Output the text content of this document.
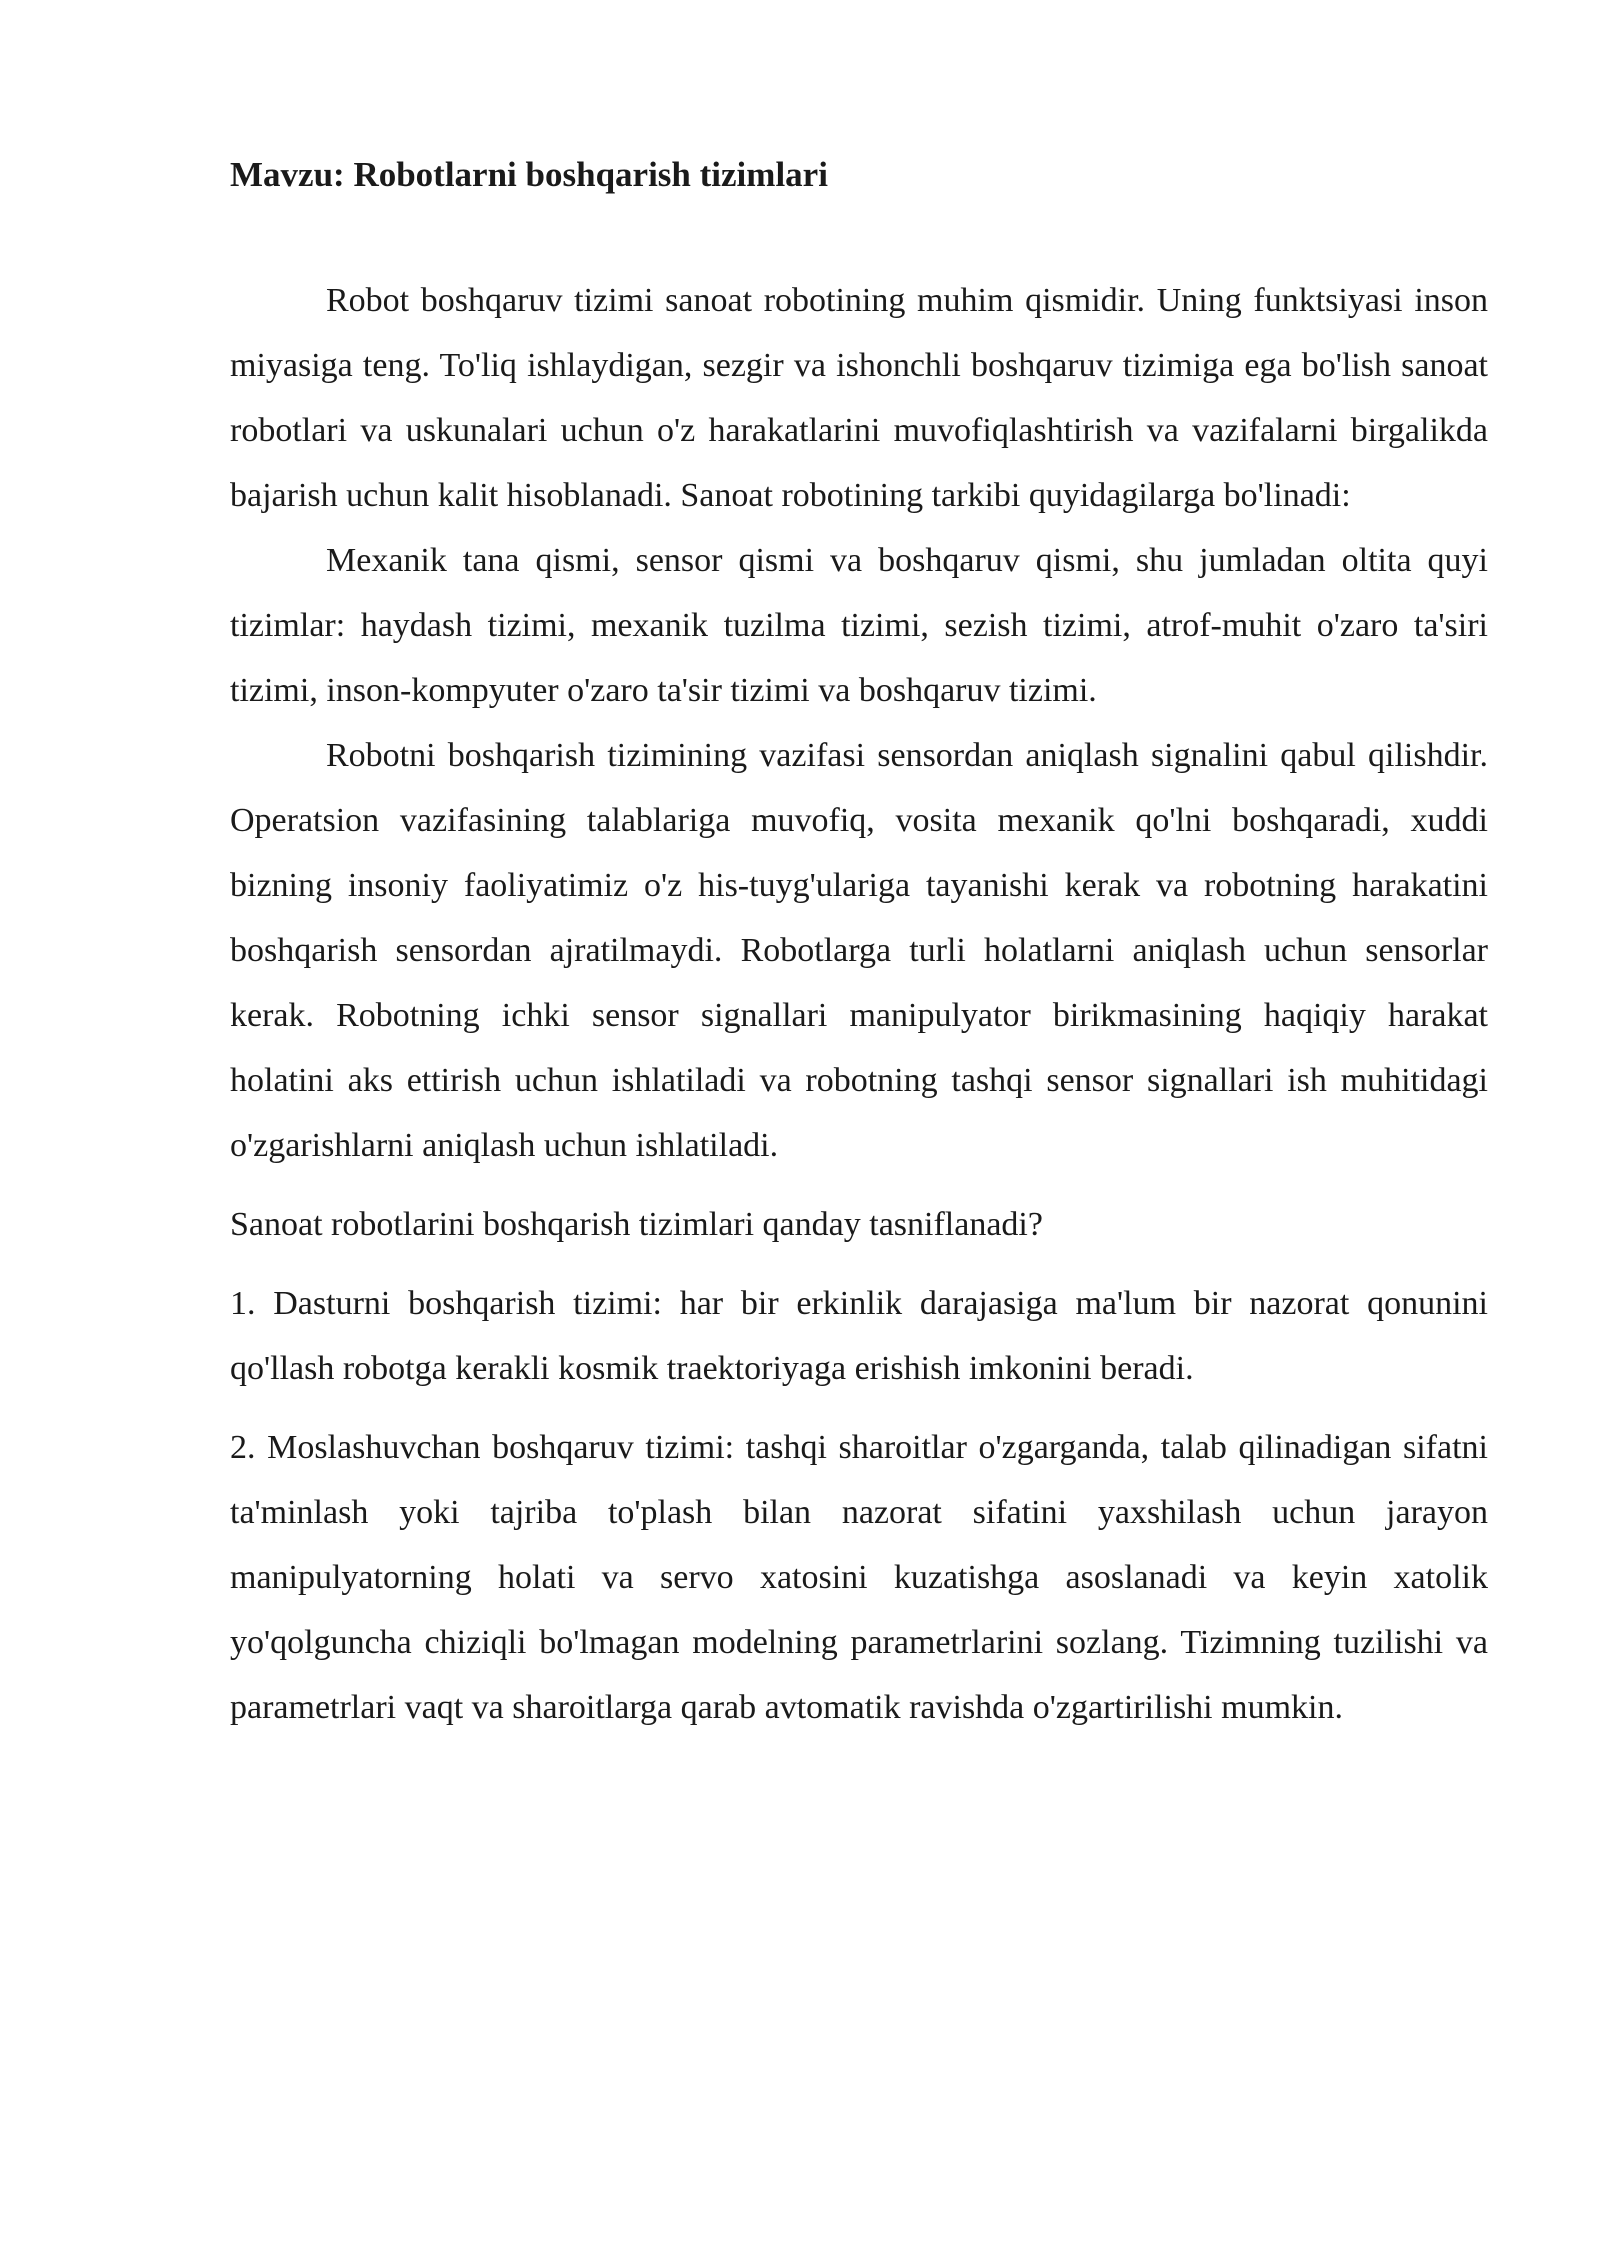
Mavzu: Robotlarni boshqarish tizimlari

Robot boshqaruv tizimi sanoat robotining muhim qismidir. Uning funktsiyasi inson miyasiga teng. To'liq ishlaydigan, sezgir va ishonchli boshqaruv tizimiga ega bo'lish sanoat robotlari va uskunalari uchun o'z harakatlarini muvofiqlashtirish va vazifalarni birgalikda bajarish uchun kalit hisoblanadi. Sanoat robotining tarkibi quyidagilarga bo'linadi:

Mexanik tana qismi, sensor qismi va boshqaruv qismi, shu jumladan oltita quyi tizimlar: haydash tizimi, mexanik tuzilma tizimi, sezish tizimi, atrof-muhit o'zaro ta'siri tizimi, inson-kompyuter o'zaro ta'sir tizimi va boshqaruv tizimi.

Robotni boshqarish tizimining vazifasi sensordan aniqlash signalini qabul qilishdir. Operatsion vazifasining talablariga muvofiq, vosita mexanik qo'lni boshqaradi, xuddi bizning insoniy faoliyatimiz o'z his-tuyg'ulariga tayanishi kerak va robotning harakatini boshqarish sensordan ajratilmaydi. Robotlarga turli holatlarni aniqlash uchun sensorlar kerak. Robotning ichki sensor signallari manipulyator birikmasining haqiqiy harakat holatini aks ettirish uchun ishlatiladi va robotning tashqi sensor signallari ish muhitidagi o'zgarishlarni aniqlash uchun ishlatiladi.

Sanoat robotlarini boshqarish tizimlari qanday tasniflanadi?

1. Dasturni boshqarish tizimi: har bir erkinlik darajasiga ma'lum bir nazorat qonunini qo'llash robotga kerakli kosmik traektoriyaga erishish imkonini beradi.

2. Moslashuvchan boshqaruv tizimi: tashqi sharoitlar o'zgarganda, talab qilinadigan sifatni ta'minlash yoki tajriba to'plash bilan nazorat sifatini yaxshilash uchun jarayon manipulyatorning holati va servo xatosini kuzatishga asoslanadi va keyin xatolik yo'qolguncha chiziqli bo'lmagan modelning parametrlarini sozlang. Tizimning tuzilishi va parametrlari vaqt va sharoitlarga qarab avtomatik ravishda o'zgartirilishi mumkin.
